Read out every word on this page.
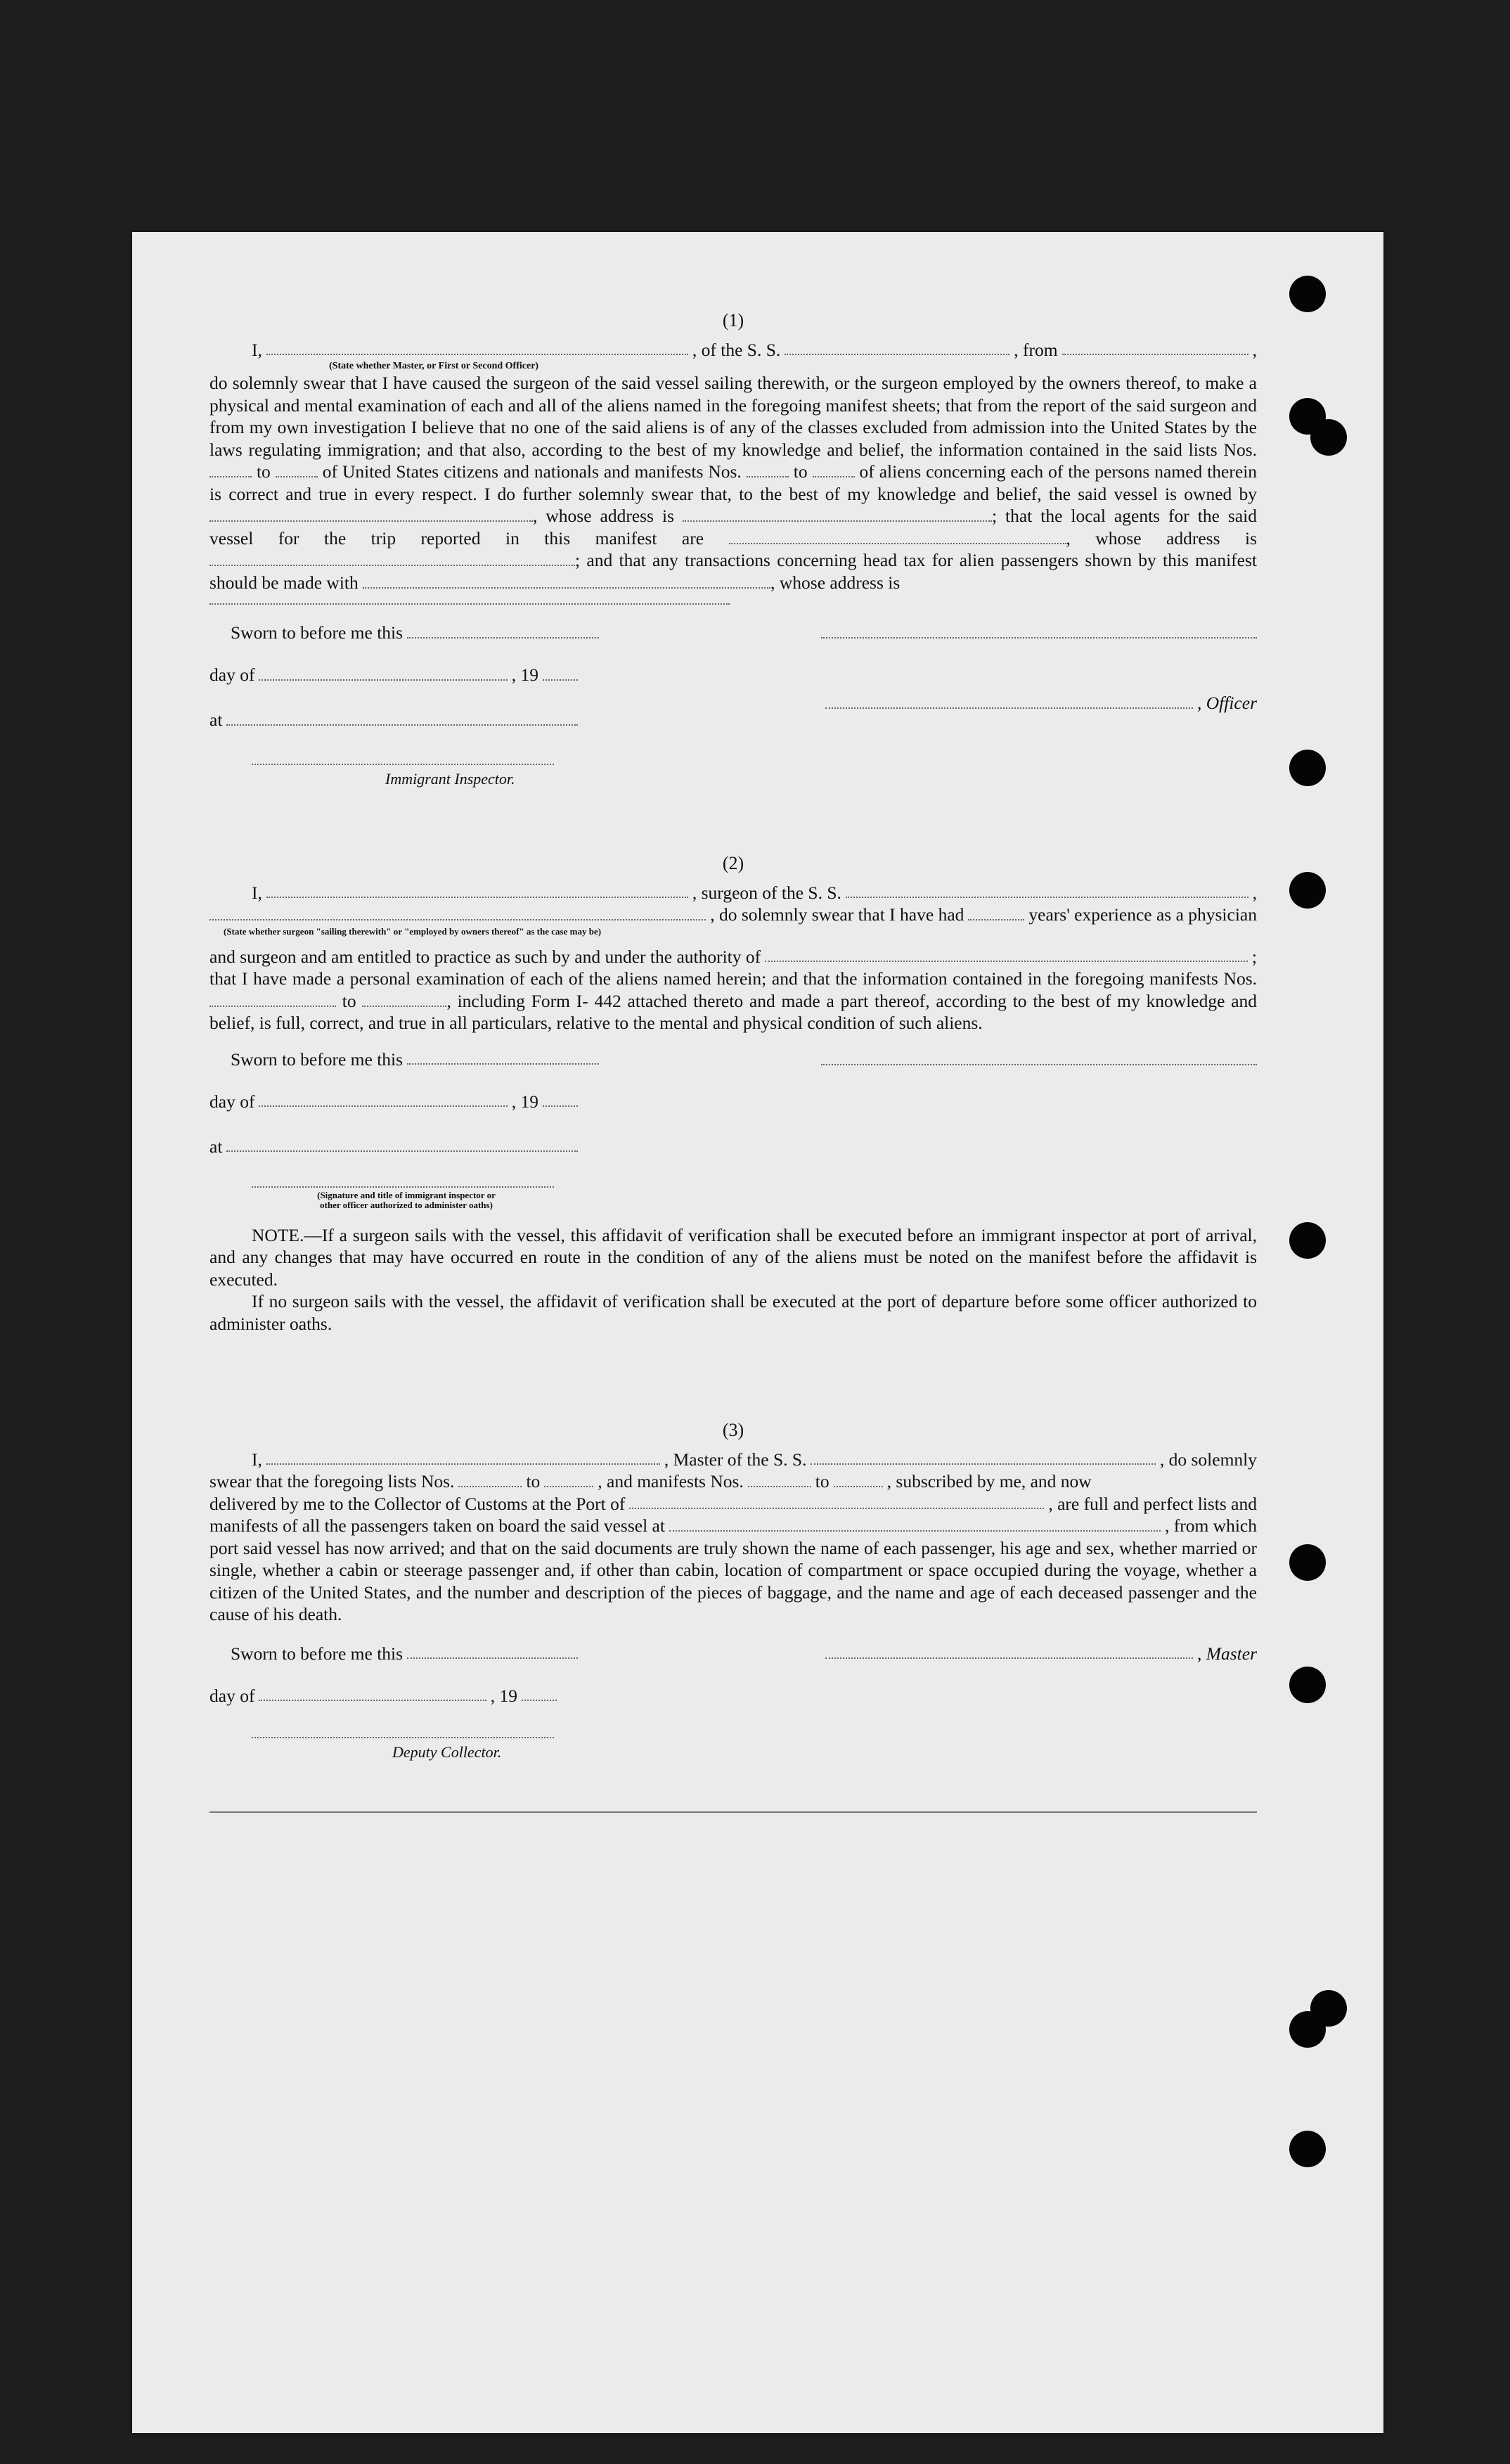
(1)
I,	, of the S. S.	, from	,
(State whether Master, or First or Second Officer)

do solemnly swear that I have caused the surgeon of the said vessel sailing therewith, or the surgeon employed by the owners thereof, to make a physical and mental examination of each and all of the aliens named in the foregoing manifest sheets; that from the report of the said surgeon and from my own investigation I believe that no one of the said aliens is of any of the classes excluded from admission into the United States by the laws regulating immigration; and that also, according to the best of my knowledge and belief, the information contained in the said lists Nos.  to	of United States citizens and nationals and manifests Nos.	to	of aliens concerning each of the persons named therein is correct and true in every respect. I do further solemnly swear that, to the best of my knowledge and belief, the said vessel is owned by , whose address is	; that the local agents for the said vessel for the trip reported in this manifest are	, whose address is ; and that any transactions concerning head tax for alien passengers shown by this manifest should be made with	, whose address is

Sworn to before me this
day of	, 19
at
, Officer
Immigrant Inspector.
(2)
I,	, surgeon of the S. S.	,
, do solemnly swear that I have had	years' experience as a physician
(State whether surgeon "sailing therewith" or "employed by owners thereof" as the case may be)
and surgeon and am entitled to practice as such by and under the authority of	;

that I have made a personal examination of each of the aliens named herein; and that the information contained in the foregoing manifests Nos.  to	, including Form I- 442 attached thereto and made a part thereof, according to the best of my knowledge and belief, is full, correct, and true in all particulars, relative to the mental and physical condition of such aliens.

Sworn to before me this
day of	, 19
at
(Signature and title of immigrant inspector or
other officer authorized to administer oaths)

NOTE.—If a surgeon sails with the vessel, this affidavit of verification shall be executed before an immigrant inspector at port of arrival, and any changes that may have occurred en route in the condition of any of the aliens must be noted on the manifest before the affidavit is executed.

If no surgeon sails with the vessel, the affidavit of verification shall be executed at the port of departure before some officer authorized to administer oaths.

(3)
I,	, Master of the S. S.	, do solemnly
swear that the foregoing lists Nos.	to	, and manifests Nos.	to	, subscribed by me, and now
delivered by me to the Collector of Customs at the Port of	, are full and perfect lists and
manifests of all the passengers taken on board the said vessel at	, from which

port said vessel has now arrived; and that on the said documents are truly shown the name of each passenger, his age and sex, whether married or single, whether a cabin or steerage passenger and, if other than cabin, location of compartment or space occupied during the voyage, whether a citizen of the United States, and the number and description of the pieces of baggage, and the name and age of each deceased passenger and the cause of his death.

Sworn to before me this	, Master
day of	, 19
Deputy Collector.
